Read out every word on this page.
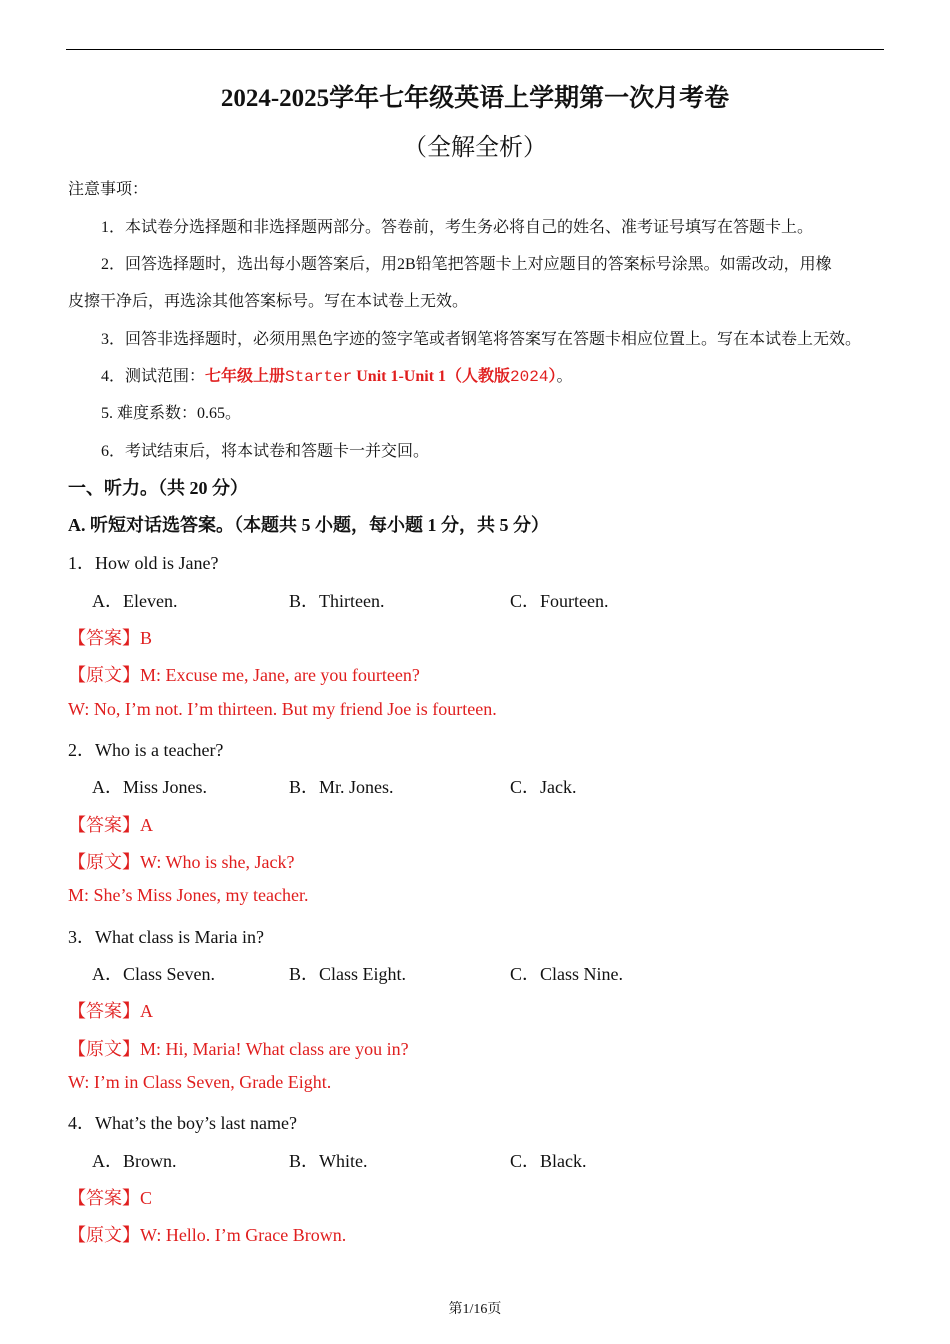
2024-2025学年七年级英语上学期第一次月考卷
（全解全析）
注意事项：
1．本试卷分选择题和非选择题两部分。答卷前，考生务必将自己的姓名、准考证号填写在答题卡上。
2．回答选择题时，选出每小题答案后，用2B铅笔把答题卡上对应题目的答案标号涂黑。如需改动，用橡
皮擦干净后，再选涂其他答案标号。写在本试卷上无效。
3．回答非选择题时，必须用黑色字迹的签字笔或者钢笔将答案写在答题卡相应位置上。写在本试卷上无效。
4．测试范围：七年级上册Starter Unit 1-Unit 1（人教版2024）。
5. 难度系数：0.65。
6．考试结束后，将本试卷和答题卡一并交回。
一、听力。（共 20 分）
A. 听短对话选答案。（本题共 5 小题，每小题 1 分，共 5 分）
1．How old is Jane?
A．Eleven.	B．Thirteen.	C．Fourteen.
【答案】B
【原文】M: Excuse me, Jane, are you fourteen?
W: No, I’m not. I’m thirteen. But my friend Joe is fourteen.
2．Who is a teacher?
A．Miss Jones.	B．Mr. Jones.	C．Jack.
【答案】A
【原文】W: Who is she, Jack?
M: She’s Miss Jones, my teacher.
3．What class is Maria in?
A．Class Seven.	B．Class Eight.	C．Class Nine.
【答案】A
【原文】M: Hi, Maria! What class are you in?
W: I’m in Class Seven, Grade Eight.
4．What’s the boy’s last name?
A．Brown.	B．White.	C．Black.
【答案】C
【原文】W: Hello. I’m Grace Brown.
第1/16页
